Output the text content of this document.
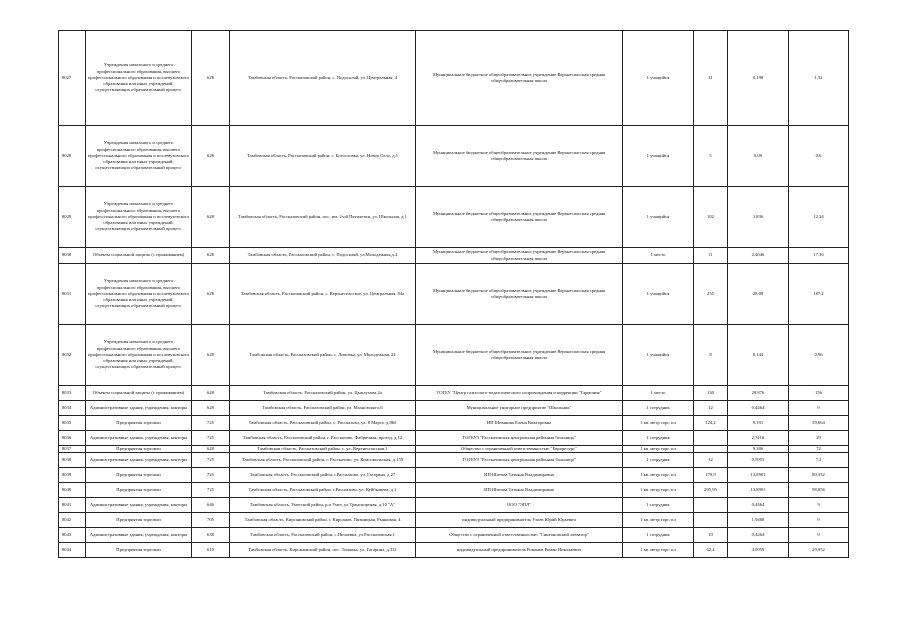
8027	Учреждения начального и среднего профессионального образования, высшего профессионального образования и послевузовского образования или иных учреждений, осуществляющих образовательный процесс	628	Тамбовская область, Рассказовский район, с. Подоскляй, ул. Центральная, 4	Муниципальное бюджетное общеобразовательное учреждение Верхнеспасская средняя общеобразовательная школа	1 учащийся	11	0,198	1,32
8028	Учреждения начального и среднего профессионального образования, высшего профессионального образования и послевузовского образования или иных учреждений, осуществляющих образовательный процесс	628	Тамбовская область, Рассказовский район, с. Богословка, ул. Новое Село, д.1	Муниципальное бюджетное общеобразовательное учреждение Верхнеспасская средняя общеобразовательная школа	1 учащийся	5	0,09	0,6
8029	Учреждения начального и среднего профессионального образования, высшего профессионального образования и послевузовского образования или иных учреждений, осуществляющих образовательный процесс	628	Тамбовская область, Рассказовский район, пос. им. 2-ой Пятилетки, ул. Школьная, д.1	Муниципальное бюджетное общеобразовательное учреждение Верхнеспасская средняя общеобразовательная школа	1 учащийся	102	1,836	12,24
8030	Объекты социальной защиты (с проживанием)	628	Тамбовская область, Рассказовский район, с. Подоскляй, ул.Молодежная,д.4	Муниципальное бюджетное общеобразовательное учреждение Верхнеспасская средняя общеобразовательная школа	1 место	11	2,4046	17,16
8031	Учреждения начального и среднего профессионального образования, высшего профессионального образования и послевузовского образования или иных учреждений, осуществляющих образовательный процесс	628	Тамбовская область, Рассказовский район, с. Верхнеспасское, ул. Центральная, 84а	Муниципальное бюджетное общеобразовательное учреждение Верхнеспасская средняя общеобразовательная школа	1 учащийся	255	28,08	187,2
8032	Учреждения начального и среднего профессионального образования, высшего профессионального образования и послевузовского образования или иных учреждений, осуществляющих образовательный процесс	628	Тамбовская область, Рассказовский район, с. Липовка, ул. Молодежная, 24	Муниципальное бюджетное общеобразовательное учреждение Верхнеспасская средняя общеобразовательная школа	1 учащийся	8	0,144	0,96
8033	Объекты социальной защиты (с проживанием)	628	Тамбовская область, Рассказовский район, ул. Цыплухова,2а	ТОГБУ "Центр психолого-педагогического сопровождения и коррекции "Гармония"	1 место	130	28,876	156
8034	Административные здания, учреждения, конторы	628	Тамбовская область, Рассказовский район, ул. Махновского,6	Муниципальное унитарное предприятие "Школьник"	1 сотрудник	12	0,4464	9
8035	Предприятия торговли	725	Тамбовская область, Рассказовский район, с. Рассказово, ул. 8 Марта, д.86б	ИП Шевякова Елена Викторовна	1 кв. метр торг. пл	124,2	9,191	59,664
8036	Административные здания, учреждения, конторы	725	Тамбовская область, Рассказовский район, г. Рассказово, Фабричная, проезд, д.12	ТОГБУЗ "Рассказовская центральная районная больница"	1 сотрудник		2,3116	29
8037	Предприятия торговли	628	Тамбовская область, Рассказовский район, с. ул. Верхнеспасская,1	Общество с ограниченной ответственностью "Евроресурс"	1 кв. метр торг. пл		9,306	72
8038	Административные здания, учреждения, конторы	725	Тамбовская область, Рассказовский район, г. Рассказово, ул. Комсомольская, д.159	ТОГБУЗ "Рассказовская центральная районная больница"	1 сотрудник	12	0,5955	7,2
8039	Предприятия торговли	725	Тамбовская область, Рассказовский район, г.Рассказово, ул. Гагарина, д.27	ИП Шитова Татьяна Владимировна	1 кв. метр торг. пл	179,9	13,8901	80,352
8040	Предприятия торговли	725	Тамбовская область, Рассказовский район, г.Рассказово, ул. Куйбышева, д.1	ИП Шитова Татьяна Владимировна	1 кв. метр торг. пл	205,95	13,8901	98,856
8041	Административные здания, учреждения, конторы	646	Тамбовская область, Уметский район, р.п Умет, ул Транспортная, д.10 "А"	ООО "ЭПЛ"	1 сотрудник		0,4464	9
8042	Предприятия торговли	705	Тамбовская область, Кирсановский район, г. Кирсанов, Пятницкая, Рынковая, 4	индивидуальный предприниматель Узоев Юрий Юрьевич	1 кв. метр торг. пл		1,9468	9
8043	Административные здания, учреждения, конторы	638	Тамбовская область, Рассказовский район, с.Пичаевка, ул.Рассказовская,1	Общество с ограниченной ответственностью "Синтоновский элеватор"	1 сотрудник	10	0,4464	9
8044	Предприятия торговли	610	Тамбовская область, Кирсановский район, пос. Тоновка, ул. Гагарина, д.311	индивидуальный предприниматель Романов Роман Николаевич	1 кв. метр торг. пл	62,4	4,0959	29,952
